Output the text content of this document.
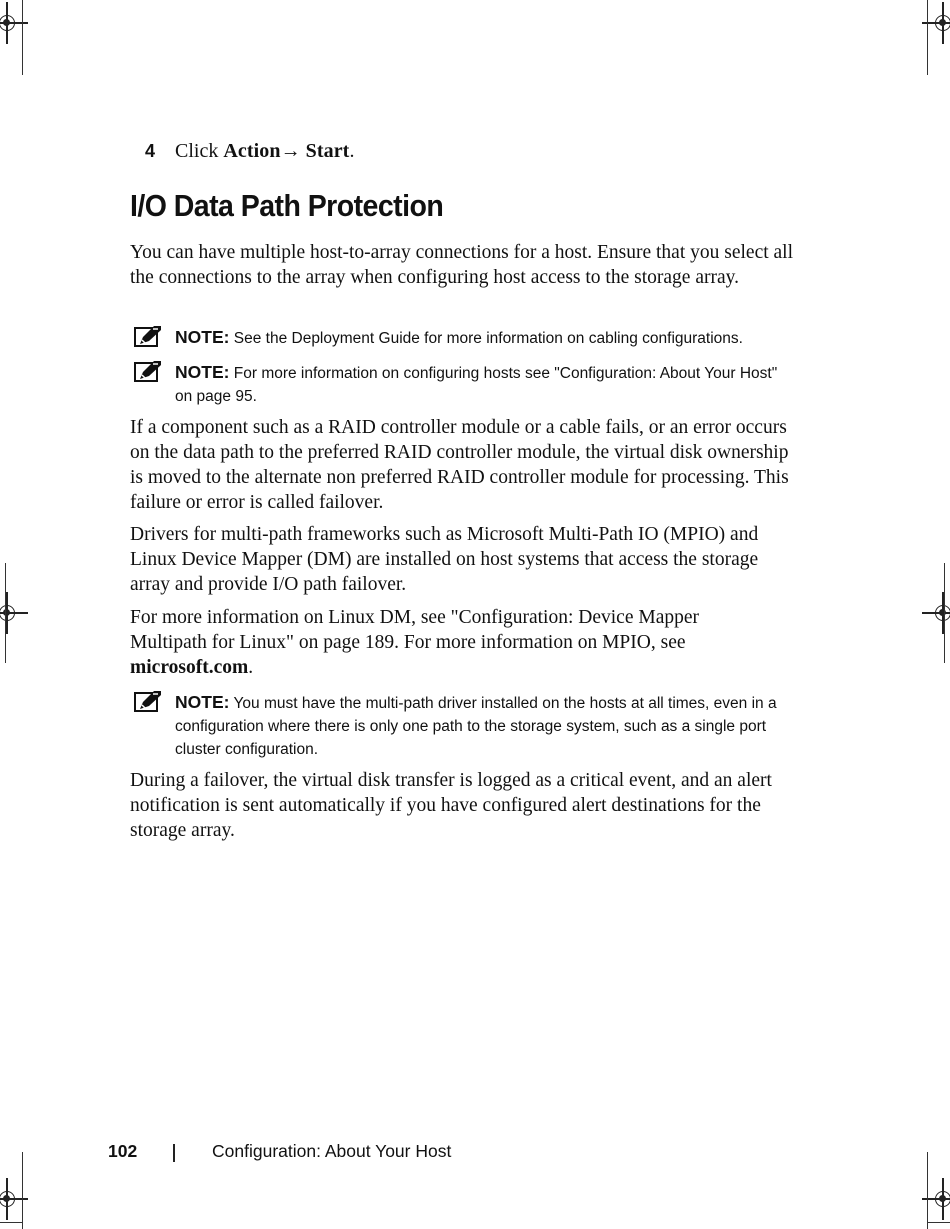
4 Click Action→ Start.
I/O Data Path Protection

You can have multiple host-to-array connections for a host. Ensure that you select all the connections to the array when configuring host access to the storage array.

NOTE: See the Deployment Guide for more information on cabling configurations.
NOTE: For more information on configuring hosts see "Configuration: About Your Host" on page 95.

If a component such as a RAID controller module or a cable fails, or an error occurs on the data path to the preferred RAID controller module, the virtual disk ownership is moved to the alternate non preferred RAID controller module for processing. This failure or error is called failover.

Drivers for multi-path frameworks such as Microsoft Multi-Path IO (MPIO) and Linux Device Mapper (DM) are installed on host systems that access the storage array and provide I/O path failover.

For more information on Linux DM, see "Configuration: Device Mapper Multipath for Linux" on page 189. For more information on MPIO, see microsoft.com.

NOTE: You must have the multi-path driver installed on the hosts at all times, even in a configuration where there is only one path to the storage system, such as a single port cluster configuration.

During a failover, the virtual disk transfer is logged as a critical event, and an alert notification is sent automatically if you have configured alert destinations for the storage array.

102	Configuration: About Your Host
